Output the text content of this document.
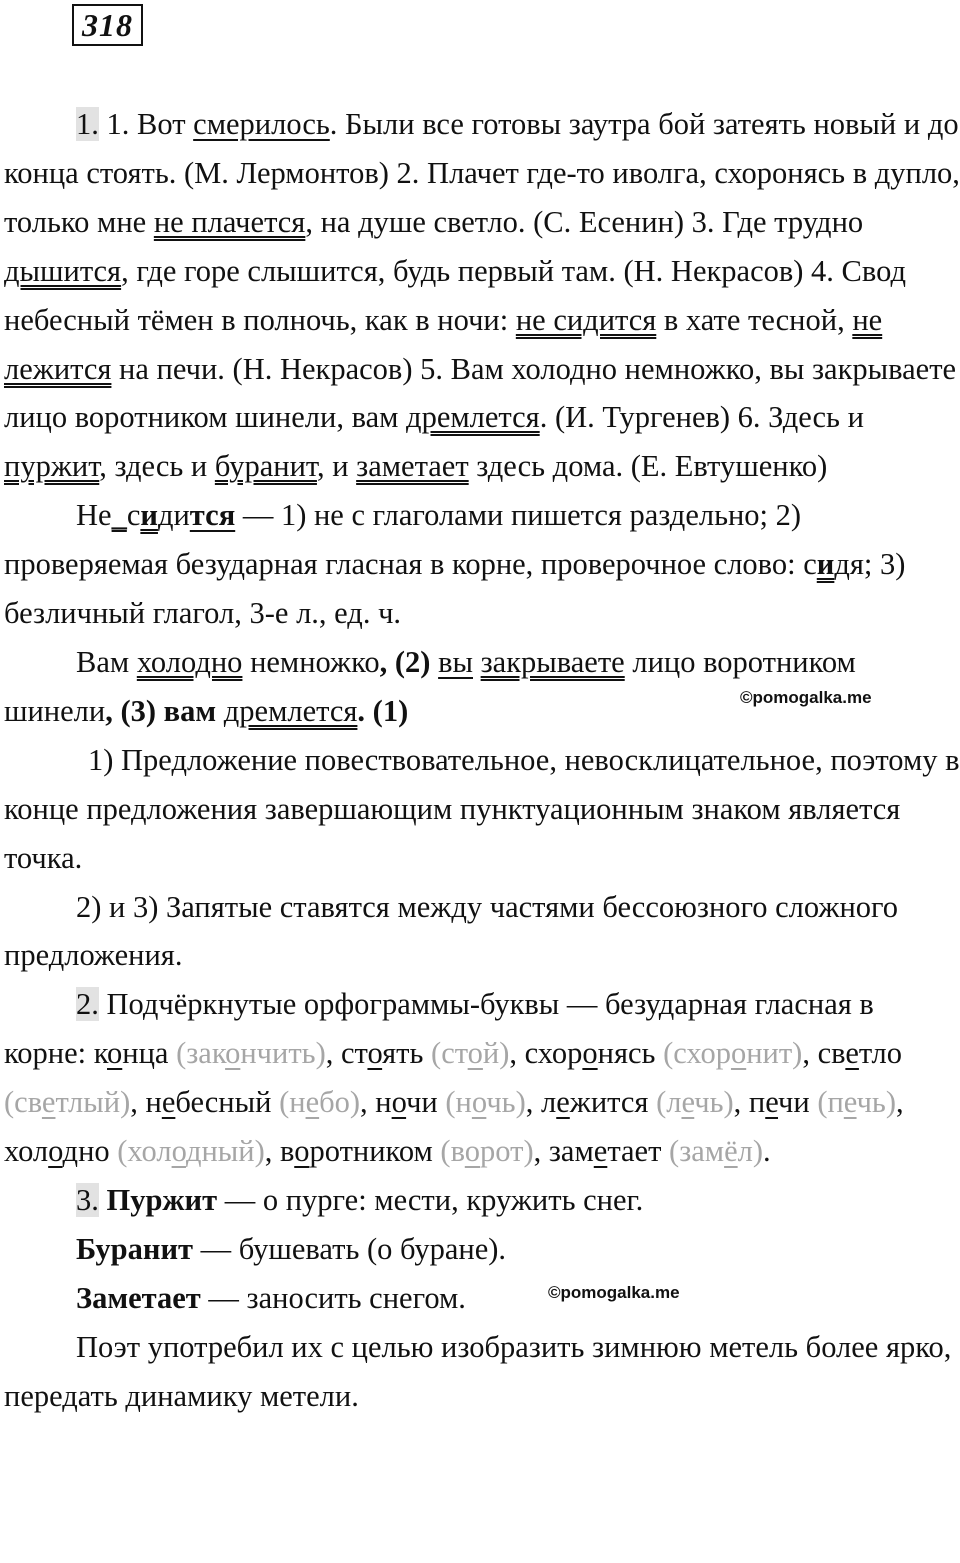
318

1. 1. Вот смерилось. Были все готовы заутра бой затеять новый и до конца стоять. (М. Лермонтов) 2. Плачет где-то иволга, схоронясь в дупло, только мне не плачется, на душе светло. (С. Есенин) 3. Где трудно дышится, где горе слышится, будь первый там. (Н. Некрасов) 4. Свод небесный тёмен в полночь, как в ночи: не сидится в хате тесной, не лежится на печи. (Н. Некрасов) 5. Вам холодно немножко, вы закрываете лицо воротником шинели, вам дремлется. (И. Тургенев) 6. Здесь и пуржит, здесь и буранит, и заметает здесь дома. (Е. Евтушенко)

Не_сидится — 1) не с глаголами пишется раздельно; 2) проверяемая безударная гласная в корне, проверочное слово: сидя; 3) безличный глагол, 3-е л., ед. ч.

Вам холодно немножко, (2) вы закрываете лицо воротником шинели, (3) вам дремлется. (1)

1) Предложение повествовательное, невосклицательное, поэтому в конце предложения завершающим пунктуационным знаком является точка.

2) и 3) Запятые ставятся между частями бессоюзного сложного предложения.

2. Подчёркнутые орфограммы-буквы — безударная гласная в корне: конца (закончить), стоять (стой), схоронясь (схоронит), светло (светлый), небесный (небо), ночи (ночь), лежится (лечь), печи (печь), холодно (холодный), воротником (ворот), заметает (замёл).

3. Пуржит — о пурге: мести, кружить снег.

Буранит — бушевать (о буране).

Заметает — заносить снегом.

Поэт употребил их с целью изобразить зимнюю метель более ярко, передать динамику метели.

©pomogalka.me
©pomogalka.me
